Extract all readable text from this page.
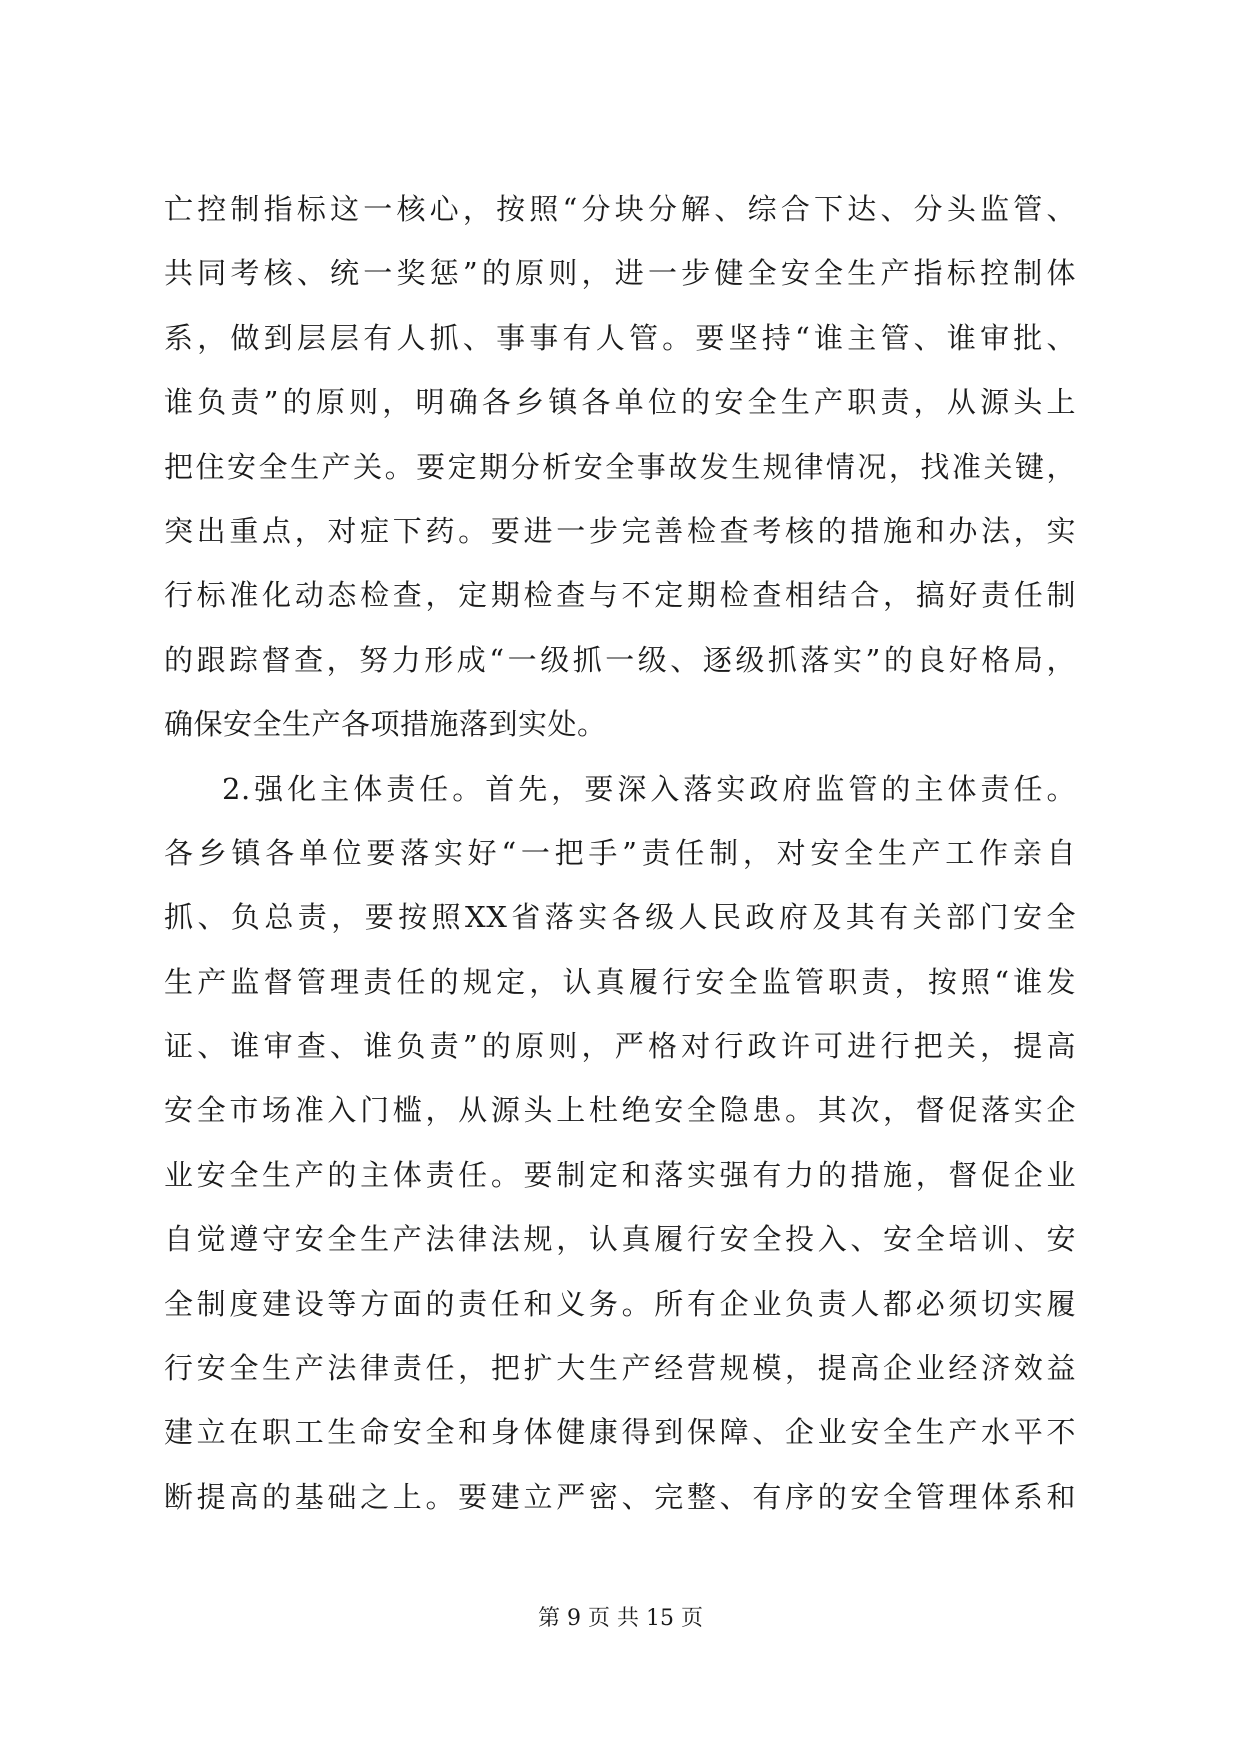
亡控制指标这一核心，按照“分块分解、综合下达、分头监管、
共同考核、统一奖惩”的原则，进一步健全安全生产指标控制体
系，做到层层有人抓、事事有人管。要坚持“谁主管、谁审批、
谁负责”的原则，明确各乡镇各单位的安全生产职责，从源头上
把住安全生产关。要定期分析安全事故发生规律情况，找准关键，
突出重点，对症下药。要进一步完善检查考核的措施和办法，实
行标准化动态检查，定期检查与不定期检查相结合，搞好责任制
的跟踪督查，努力形成“一级抓一级、逐级抓落实”的良好格局，
确保安全生产各项措施落到实处。
2.强化主体责任。首先，要深入落实政府监管的主体责任。
各乡镇各单位要落实好“一把手”责任制，对安全生产工作亲自
抓、负总责，要按照XX省落实各级人民政府及其有关部门安全
生产监督管理责任的规定，认真履行安全监管职责，按照“谁发
证、谁审查、谁负责”的原则，严格对行政许可进行把关，提高
安全市场准入门槛，从源头上杜绝安全隐患。其次，督促落实企
业安全生产的主体责任。要制定和落实强有力的措施，督促企业
自觉遵守安全生产法律法规，认真履行安全投入、安全培训、安
全制度建设等方面的责任和义务。所有企业负责人都必须切实履
行安全生产法律责任，把扩大生产经营规模，提高企业经济效益
建立在职工生命安全和身体健康得到保障、企业安全生产水平不
断提高的基础之上。要建立严密、完整、有序的安全管理体系和
第 9 页 共 15 页
